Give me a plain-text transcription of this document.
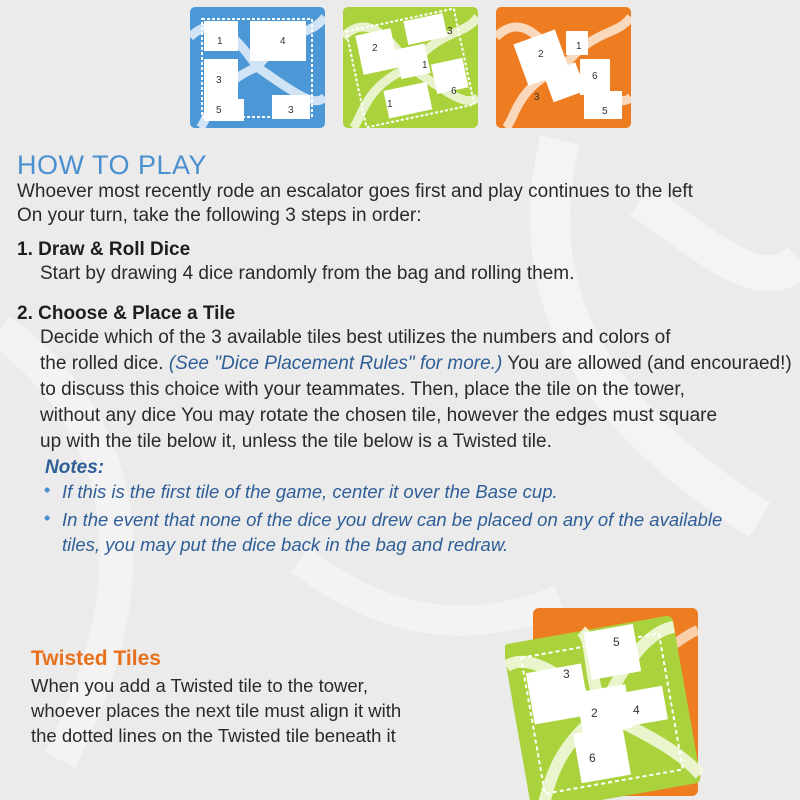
1	4
3
5	3
2
3
1
6
1
2
1
6
3
5
HOW TO PLAY
Whoever most recently rode an escalator goes first and play continues to the left
On your turn, take the following 3 steps in order:
1. Draw & Roll Dice
Start by drawing 4 dice randomly from the bag and rolling them.
2. Choose & Place a Tile
Decide which of the 3 available tiles best utilizes the numbers and colors of
the rolled dice. (See "Dice Placement Rules" for more.) You are allowed (and encouraed!)
to discuss this choice with your teammates. Then, place the tile on the tower,
without any dice You may rotate the chosen tile, however the edges must square
up with the tile below it, unless the tile below is a Twisted tile.
Notes:
• If this is the first tile of the game, center it over the Base cup.
• In the event that none of the dice you drew can be placed on any of the available
tiles, you may put the dice back in the bag and redraw.
Twisted Tiles
When you add a Twisted tile to the tower,
whoever places the next tile must align it with
the dotted lines on the Twisted tile beneath it
5
3
2	4
6
